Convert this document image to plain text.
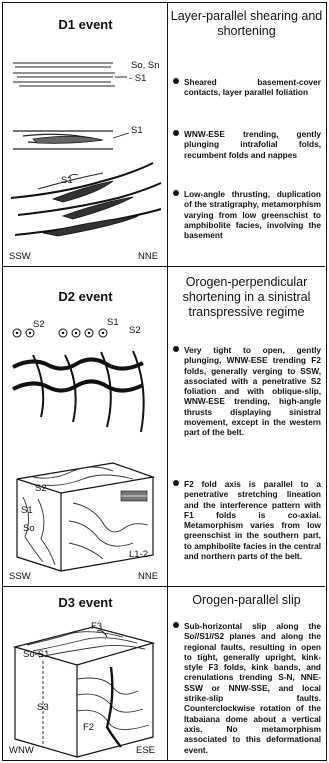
D1 event
So, Sn
- S1
S1
S1
SSW	NNE
Layer-parallel shearing and shortening
Sheared basement-cover contacts, layer parallel foliation
WNW-ESE trending, gently plunging intrafolial folds, recumbent folds and nappes
Low-angle thrusting, duplication of the stratigraphy, metamorphism varying from low greenschist to amphibolite facies, involving the basement
D2 event
S2	S1
S2
S2
S1
So
L1-2
SSW	NNE
Orogen-perpendicular shortening in a sinistral transpressive regime
Very tight to open, gently plunging, WNW-ESE trending F2 folds, generally verging to SSW, associated with a penetrative S2 foliation and with oblique-slip, WNW-ESE trending, high-angle thrusts displaying sinistral movement, except in the western part of the belt.
F2 fold axis is parallel to a penetrative stretching lineation and the interference pattern with F1 folds is co-axial. Metamorphism varies from low greenschist in the southern part, to amphibolite facies in the central and northern parts of the belt.
D3 event
F3
So-S1
S3
F2
WNW	ESE
Orogen-parallel slip
Sub-horizontal slip along the So//S1//S2 planes and along the regional faults, resulting in open to tight, generally upright, kink-style F3 folds, kink bands, and crenulations trending S-N, NNE-SSW or NNW-SSE, and local strike-slip faults. Counterclockwise rotation of the Itabaiana dome about a vertical axis. No metamorphism associated to this deformational event.
